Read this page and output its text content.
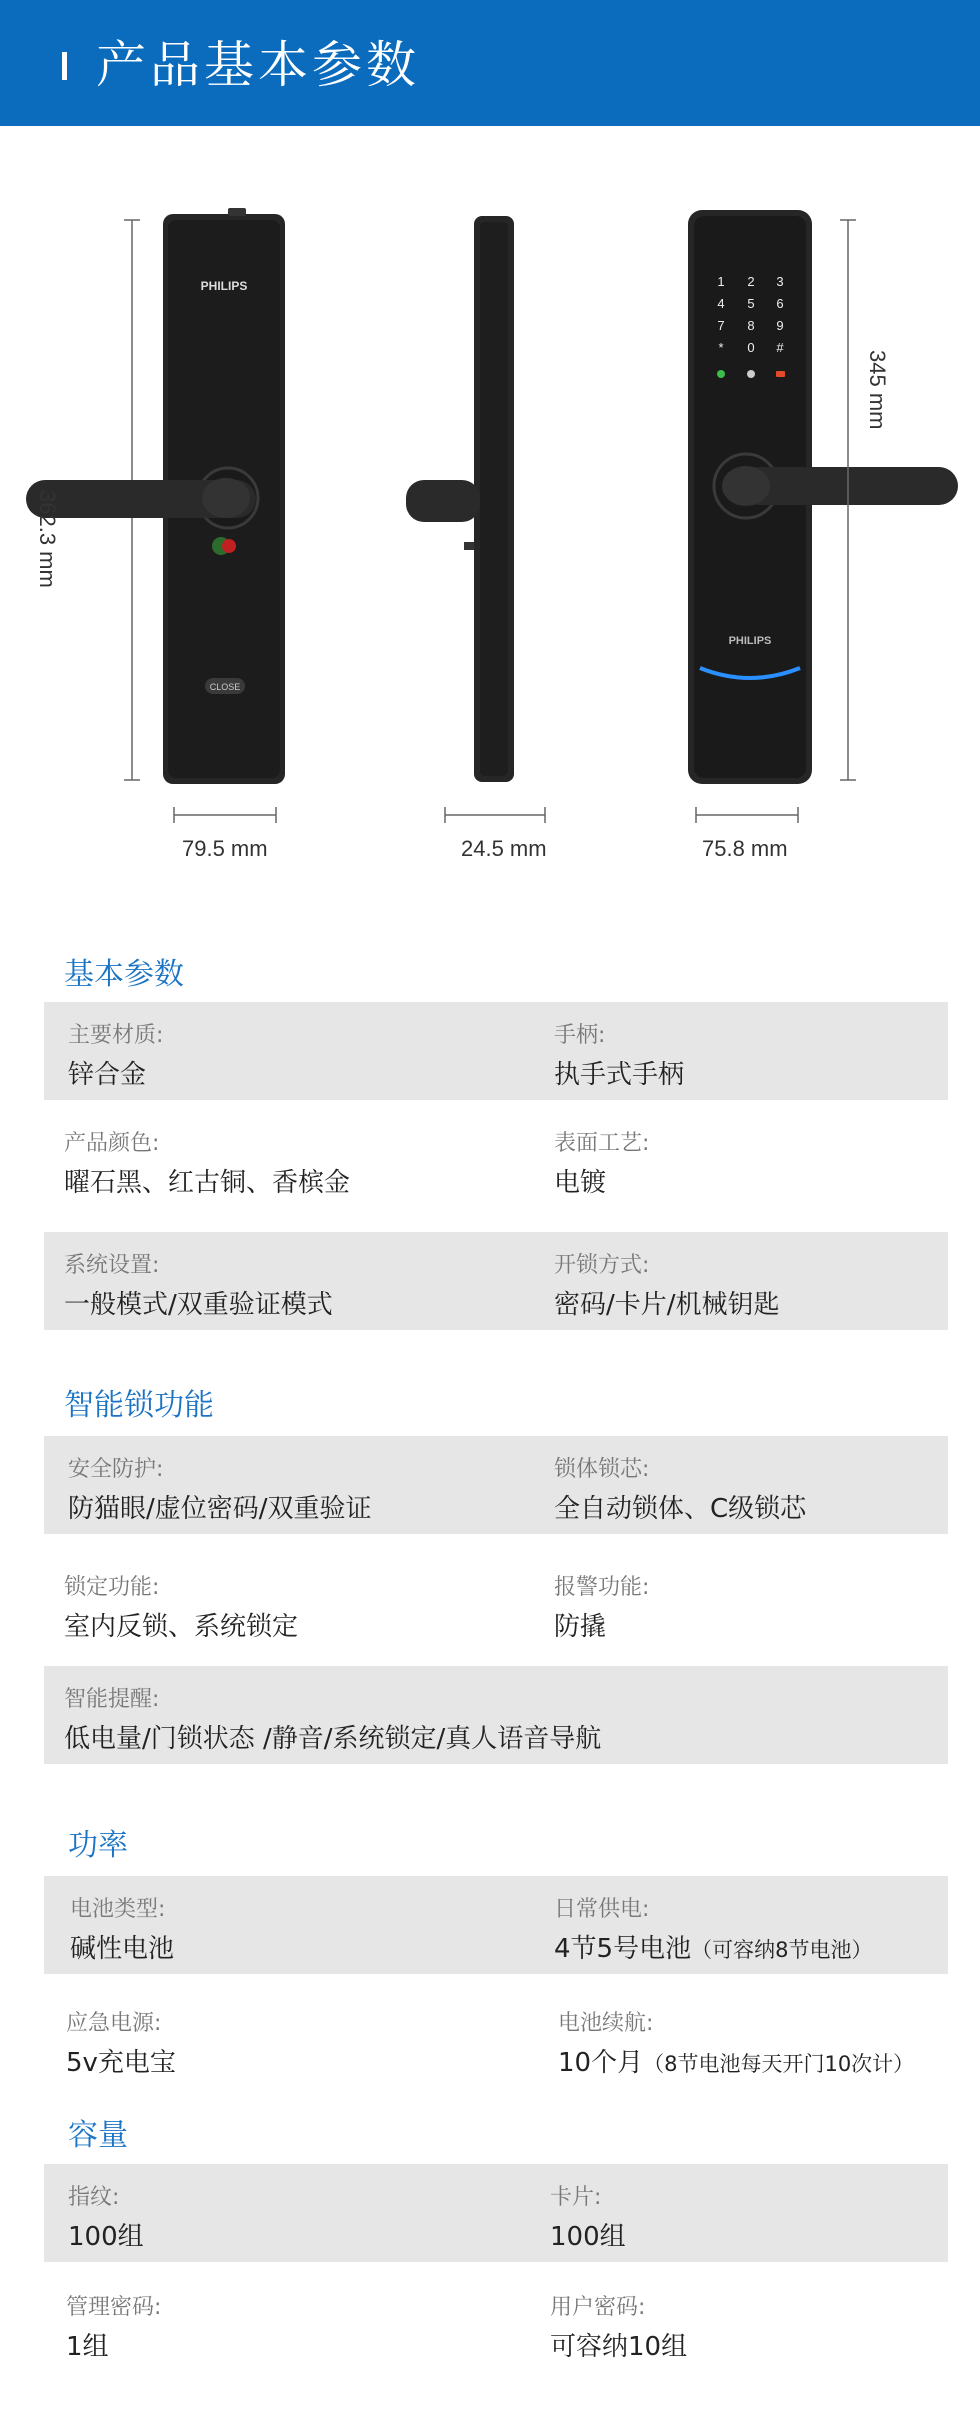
产品基本参数
PHILIPS
CLOSE
1 2 3
4 5 6
7 8 9
* 0 #
PHILIPS
362.3 mm
79.5 mm	24.5 mm
345 mm
75.8 mm
基本参数
主要材质:
锌合金
手柄:
执手式手柄
产品颜色:
曜石黑、红古铜、香槟金
表面工艺:
电镀
系统设置:
一般模式/双重验证模式
开锁方式:
密码/卡片/机械钥匙
智能锁功能
安全防护:
防猫眼/虚位密码/双重验证
锁体锁芯:
全自动锁体、C级锁芯
锁定功能:
室内反锁、系统锁定
报警功能:
防撬
智能提醒:
低电量/门锁状态 /静音/系统锁定/真人语音导航
功率
电池类型:
碱性电池
日常供电:
4节5号电池（可容纳8节电池）
应急电源:
5v充电宝
电池续航:
10个月（8节电池每天开门10次计）
容量
指纹:
100组
卡片:
100组
管理密码:
1组
用户密码:
可容纳10组
